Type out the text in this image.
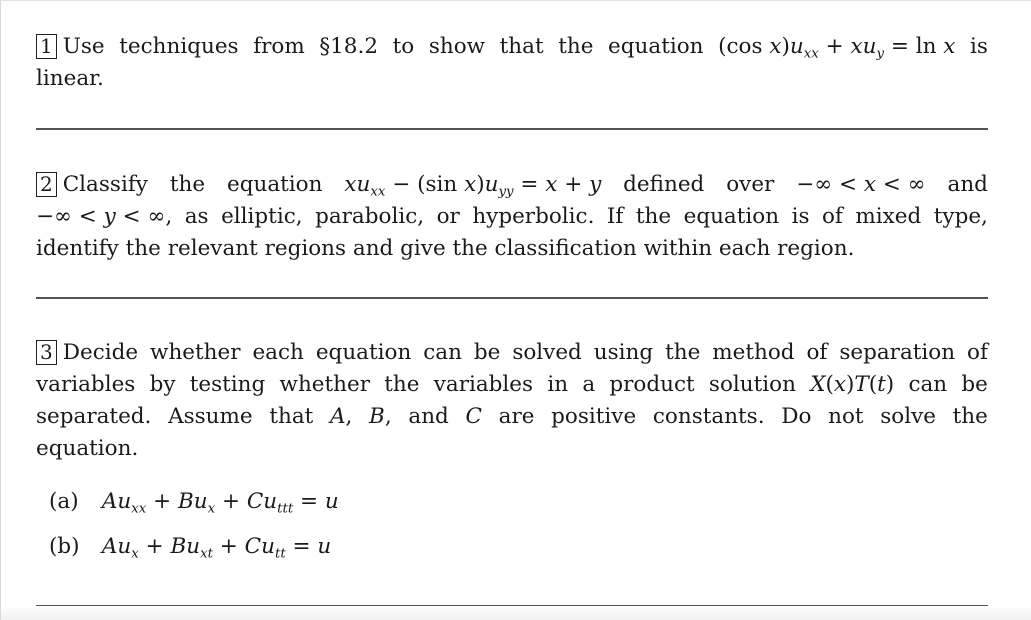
1 Use techniques from §18.2 to show that the equation (cos $x)u_{xx} + xu_y = \ln x$ is
linear.
2 Classify the equation $xu_{xx} - (\sin$ $x)u_{yy} = x + y$ defined over −∞ < x < ∞ and
−∞ < y < ∞, as elliptic, parabolic, or hyperbolic. If the equation is of mixed type,
identify the relevant regions and give the classification within each region.
3 Decide whether each equation can be solved using the method of separation of
variables by testing whether the variables in a product solution X(x)T(t) can be
separated. Assume that A, B, and C are positive constants. Do not solve the
equation.
(a) $Au_{xx} + Bu_x + Cu_{ttt} = u$
(b) $Au_x + Bu_{xt} + Cu_{tt} = u$
